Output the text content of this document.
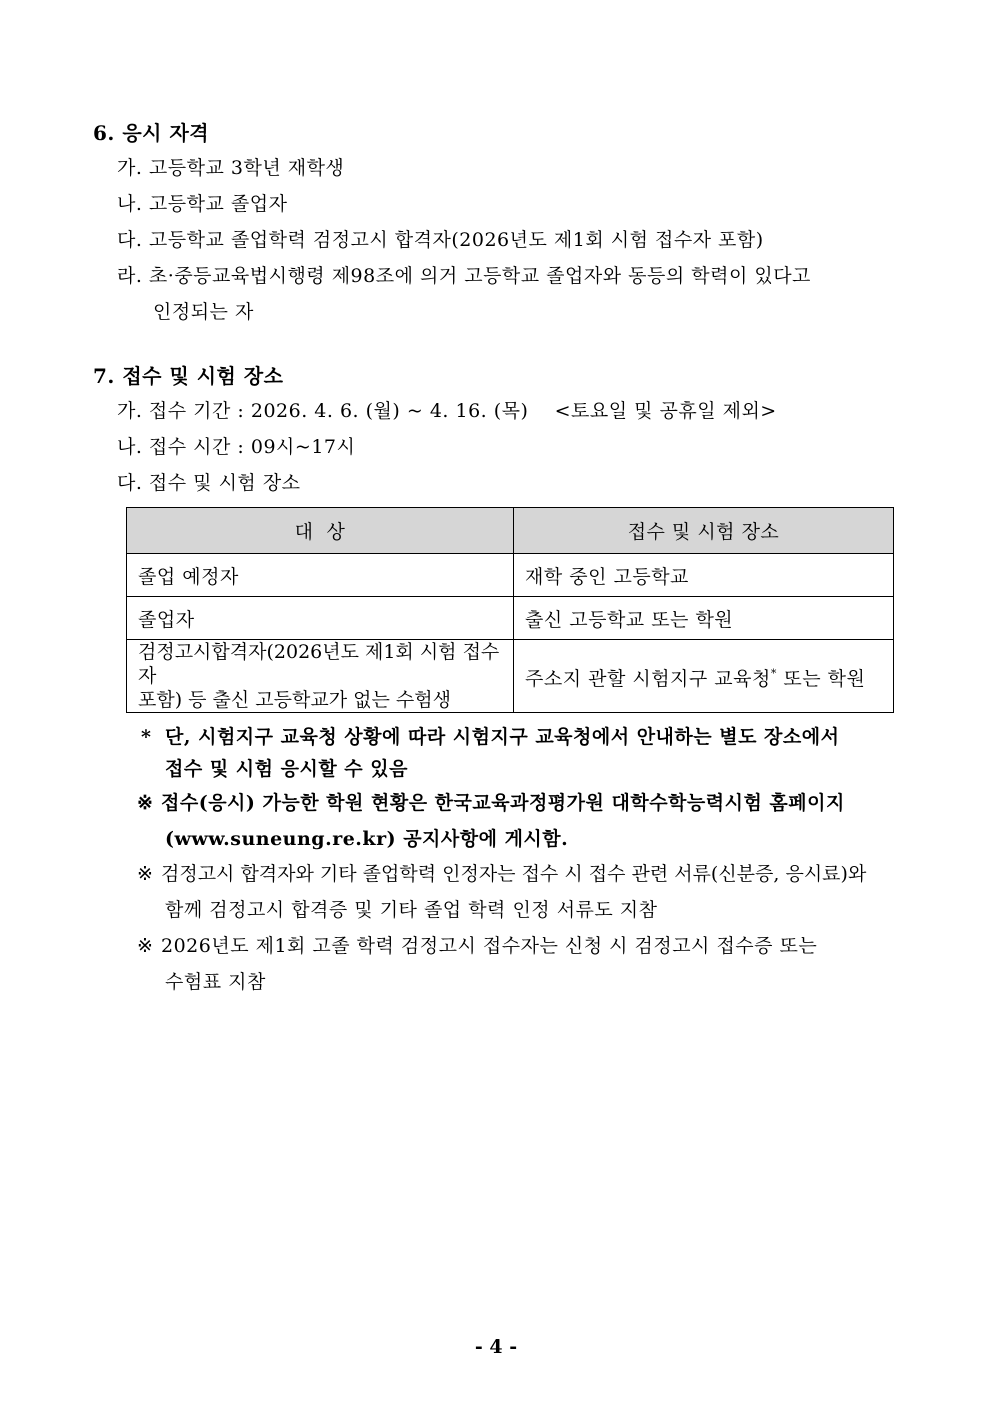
6. 응시 자격
가. 고등학교 3학년 재학생
나. 고등학교 졸업자
다. 고등학교 졸업학력 검정고시 합격자(2026년도 제1회 시험 접수자 포함)
라. 초·중등교육법시행령 제98조에 의거 고등학교 졸업자와 동등의 학력이 있다고
인정되는 자
7. 접수 및 시험 장소
가. 접수 기간 : 2026. 4. 6. (월) ~ 4. 16. (목)    <토요일 및 공휴일 제외>
나. 접수 시간 : 09시~17시
다. 접수 및 시험 장소
대  상	접수 및 시험 장소
졸업 예정자	재학 중인 고등학교
졸업자	출신 고등학교 또는 학원

검정고시합격자(2026년도 제1회 시험 접수자
포함) 등 출신 고등학교가 없는 수험생	주소지 관할 시험지구 교육청* 또는 학원
* 단, 시험지구 교육청 상황에 따라 시험지구 교육청에서 안내하는 별도 장소에서
접수 및 시험 응시할 수 있음
※ 접수(응시) 가능한 학원 현황은 한국교육과정평가원 대학수학능력시험 홈페이지
(www.suneung.re.kr) 공지사항에 게시함.
※ 검정고시 합격자와 기타 졸업학력 인정자는 접수 시 접수 관련 서류(신분증, 응시료)와
함께 검정고시 합격증 및 기타 졸업 학력 인정 서류도 지참
※ 2026년도 제1회 고졸 학력 검정고시 접수자는 신청 시 검정고시 접수증 또는
수험표 지참
- 4 -
